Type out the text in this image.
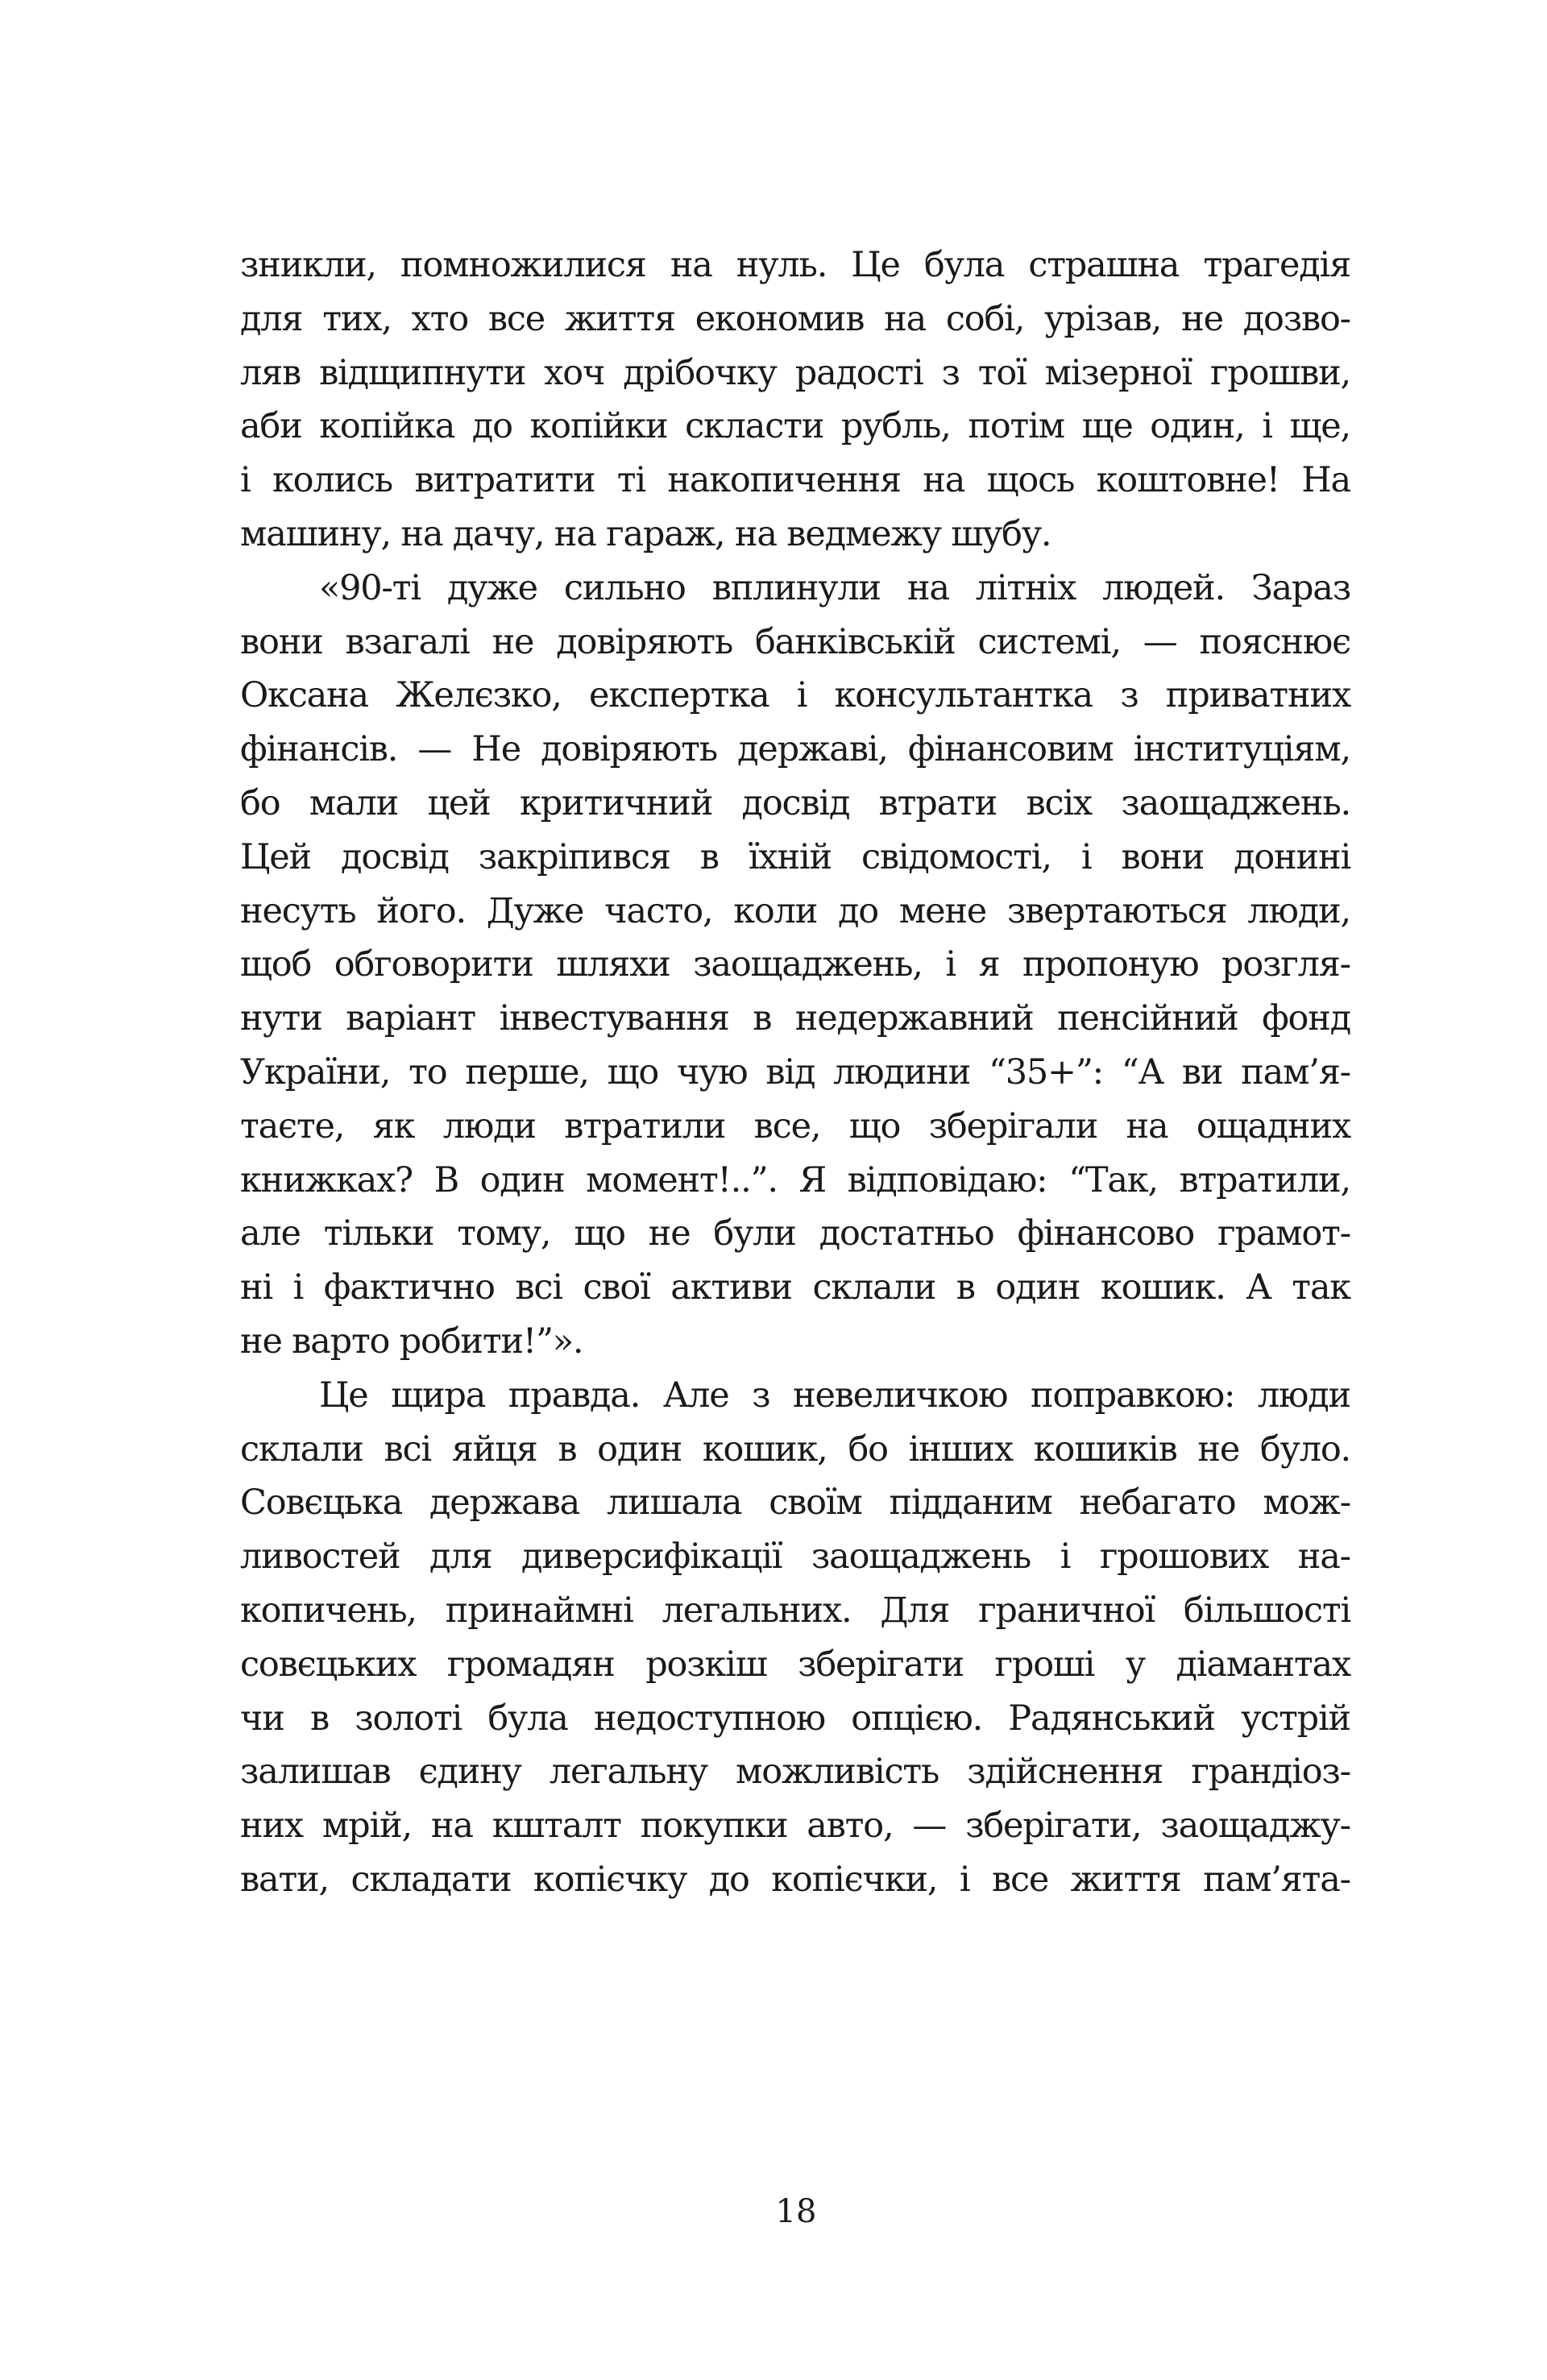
зникли, помножилися на нуль. Це була страшна трагедія
для тих, хто все життя економив на собі, урізав, не дозво-
ляв відщипнути хоч дрібочку радості з тої мізерної грошви,
аби копійка до копійки скласти рубль, потім ще один, і ще,
і колись витратити ті накопичення на щось коштовне! На
машину, на дачу, на гараж, на ведмежу шубу.
«90-ті дуже сильно вплинули на літніх людей. Зараз
вони взагалі не довіряють банківській системі, — пояснює
Оксана Желєзко, експертка і консультантка з приватних
фінансів. — Не довіряють державі, фінансовим інституціям,
бо мали цей критичний досвід втрати всіх заощаджень.
Цей досвід закріпився в їхній свідомості, і вони донині
несуть його. Дуже часто, коли до мене звертаються люди,
щоб обговорити шляхи заощаджень, і я пропоную розгля-
нути варіант інвестування в недержавний пенсійний фонд
України, то перше, що чую від людини “35+”: “А ви пам’я-
таєте, як люди втратили все, що зберігали на ощадних
книжках? В один момент!..”. Я відповідаю: “Так, втратили,
але тільки тому, що не були достатньо фінансово грамот-
ні і фактично всі свої активи склали в один кошик. А так
не варто робити!”».
Це щира правда. Але з невеличкою поправкою: люди
склали всі яйця в один кошик, бо інших кошиків не було.
Совєцька держава лишала своїм підданим небагато мож-
ливостей для диверсифікації заощаджень і грошових на-
копичень, принаймні легальних. Для граничної більшості
совєцьких громадян розкіш зберігати гроші у діамантах
чи в золоті була недоступною опцією. Радянський устрій
залишав єдину легальну можливість здійснення грандіоз-
них мрій, на кшталт покупки авто, — зберігати, заощаджу-
вати, складати копієчку до копієчки, і все життя пам’ята-
18
